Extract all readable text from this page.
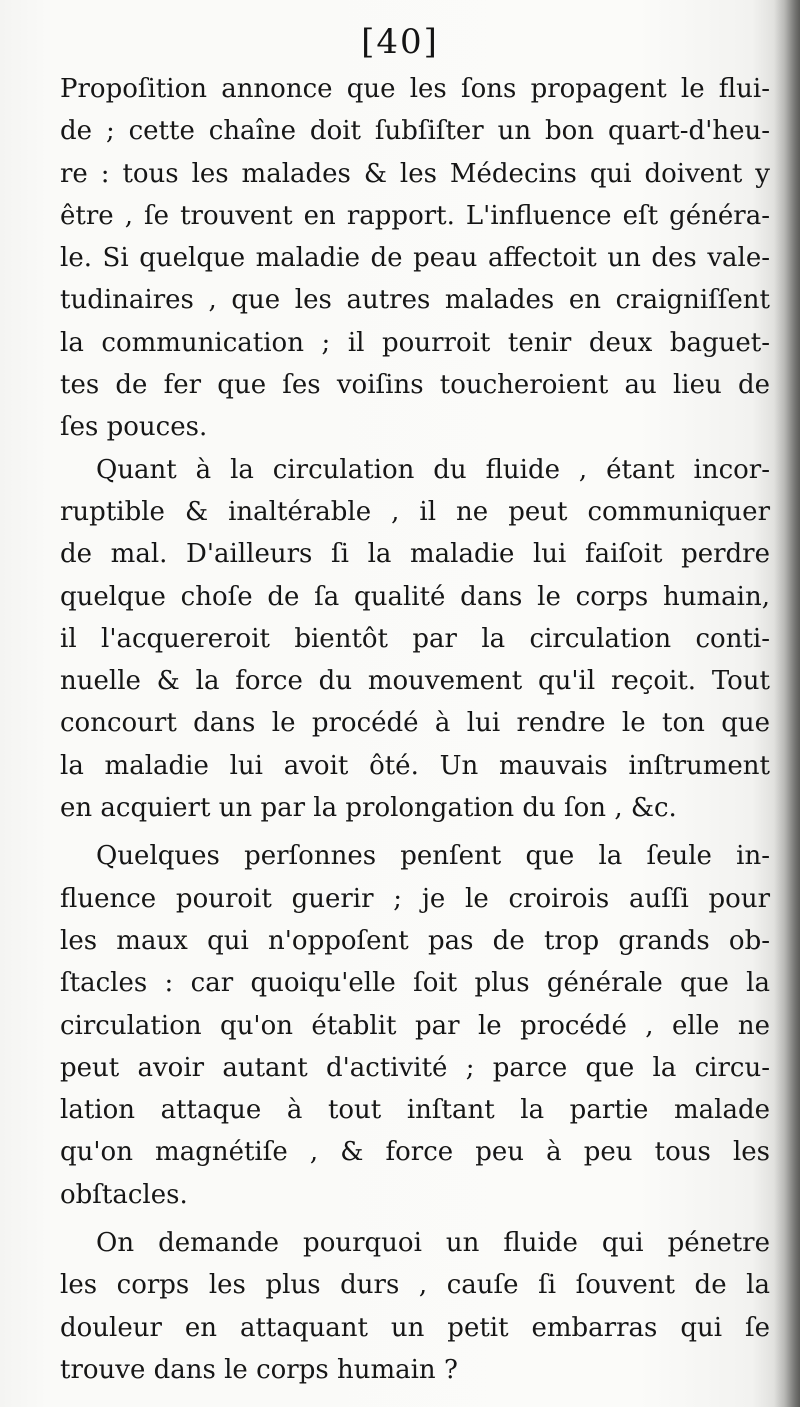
[40]
Propoſition annonce que les ſons propagent le flui-
de ; cette chaîne doit ſubſiſter un bon quart-d'heu-
re : tous les malades & les Médecins qui doivent y
être , ſe trouvent en rapport. L'influence eſt généra-
le. Si quelque maladie de peau affectoit un des vale-
tudinaires , que les autres malades en craigniſſent
la communication ; il pourroit tenir deux baguet-
tes de fer que ſes voiſins toucheroient au lieu de
ſes pouces.
Quant à la circulation du fluide , étant incor-
ruptible & inaltérable , il ne peut communiquer
de mal. D'ailleurs ſi la maladie lui faiſoit perdre
quelque choſe de ſa qualité dans le corps humain,
il l'acquereroit bientôt par la circulation conti-
nuelle & la force du mouvement qu'il reçoit. Tout
concourt dans le procédé à lui rendre le ton que
la maladie lui avoit ôté. Un mauvais inſtrument
en acquiert un par la prolongation du ſon , &c.
Quelques perſonnes penſent que la ſeule in-
fluence pouroit guerir ; je le croirois auſſi pour
les maux qui n'oppoſent pas de trop grands ob-
ſtacles : car quoiqu'elle ſoit plus générale que la
circulation qu'on établit par le procédé , elle ne
peut avoir autant d'activité ; parce que la circu-
lation attaque à tout inſtant la partie malade
qu'on magnétiſe , & force peu à peu tous les
obſtacles.
On demande pourquoi un fluide qui pénetre
les corps les plus durs , cauſe ſi ſouvent de la
douleur en attaquant un petit embarras qui ſe
trouve dans le corps humain ?
